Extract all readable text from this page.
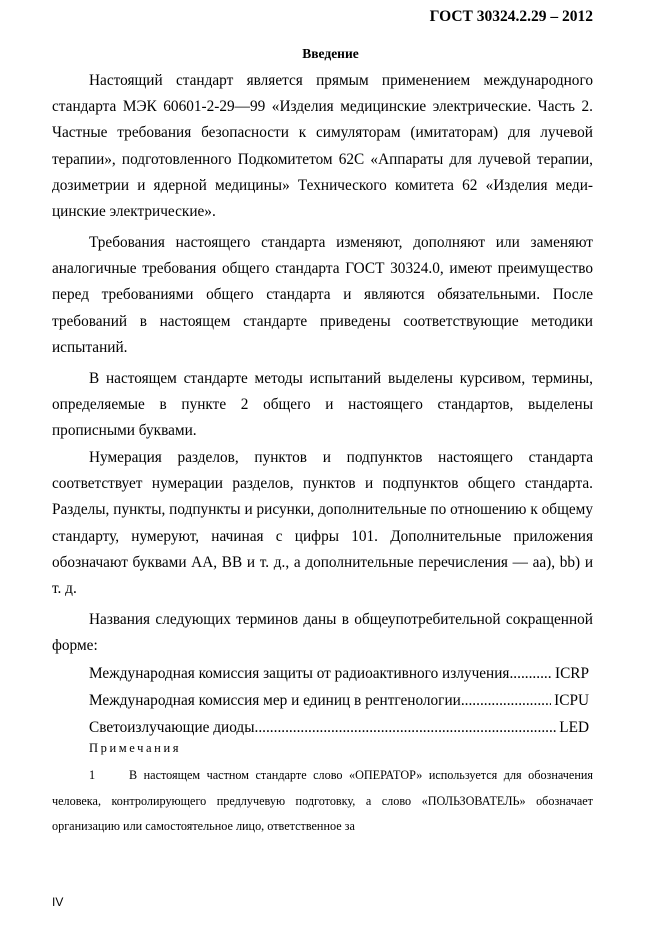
ГОСТ 30324.2.29 – 2012
Введение

Настоящий стандарт является прямым применением международного стандарта МЭК 60601-2-29—99 «Изделия медицинские электрические. Часть 2. Частные требования безопасности к симуляторам (имитаторам) для лучевой терапии», подготовленного Подкомитетом 62С «Аппараты для лучевой терапии, дозиметрии и ядерной медицины» Технического комитета 62 «Изделия меди-цинские электрические».

Требования настоящего стандарта изменяют, дополняют или заменяют аналогичные требования общего стандарта ГОСТ 30324.0, имеют преимущество перед требованиями общего стандарта и являются обязательными. После требований в настоящем стандарте приведены соответствующие методики испытаний.

В настоящем стандарте методы испытаний выделены курсивом, термины, определяемые в пункте 2 общего и настоящего стандартов, выделены прописными буквами.

Нумерация разделов, пунктов и подпунктов настоящего стандарта соответствует нумерации разделов, пунктов и подпунктов общего стандарта. Разделы, пункты, подпункты и рисунки, дополнительные по отношению к общему стандарту, нумеруют, начиная с цифры 101. Дополнительные приложения обозначают буквами АА, ВВ и т. д., а дополнительные перечисления — аа), bb) и т. д.

Названия следующих терминов даны в общеупотребительной сокращенной форме:

Международная комиссия защиты от радиоактивного излучения .....	ICRP
Международная комиссия мер и единиц в рентгенологии .....	ICPU
Светоизлучающие диоды .....	LED
Примечания

1	В настоящем частном стандарте слово «ОПЕРАТОР» используется для обозначения человека, контролирующего предлучевую подготовку, а слово «ПОЛЬЗОВАТЕЛЬ» обозначает организацию или самостоятельное лицо, ответственное за

IV
